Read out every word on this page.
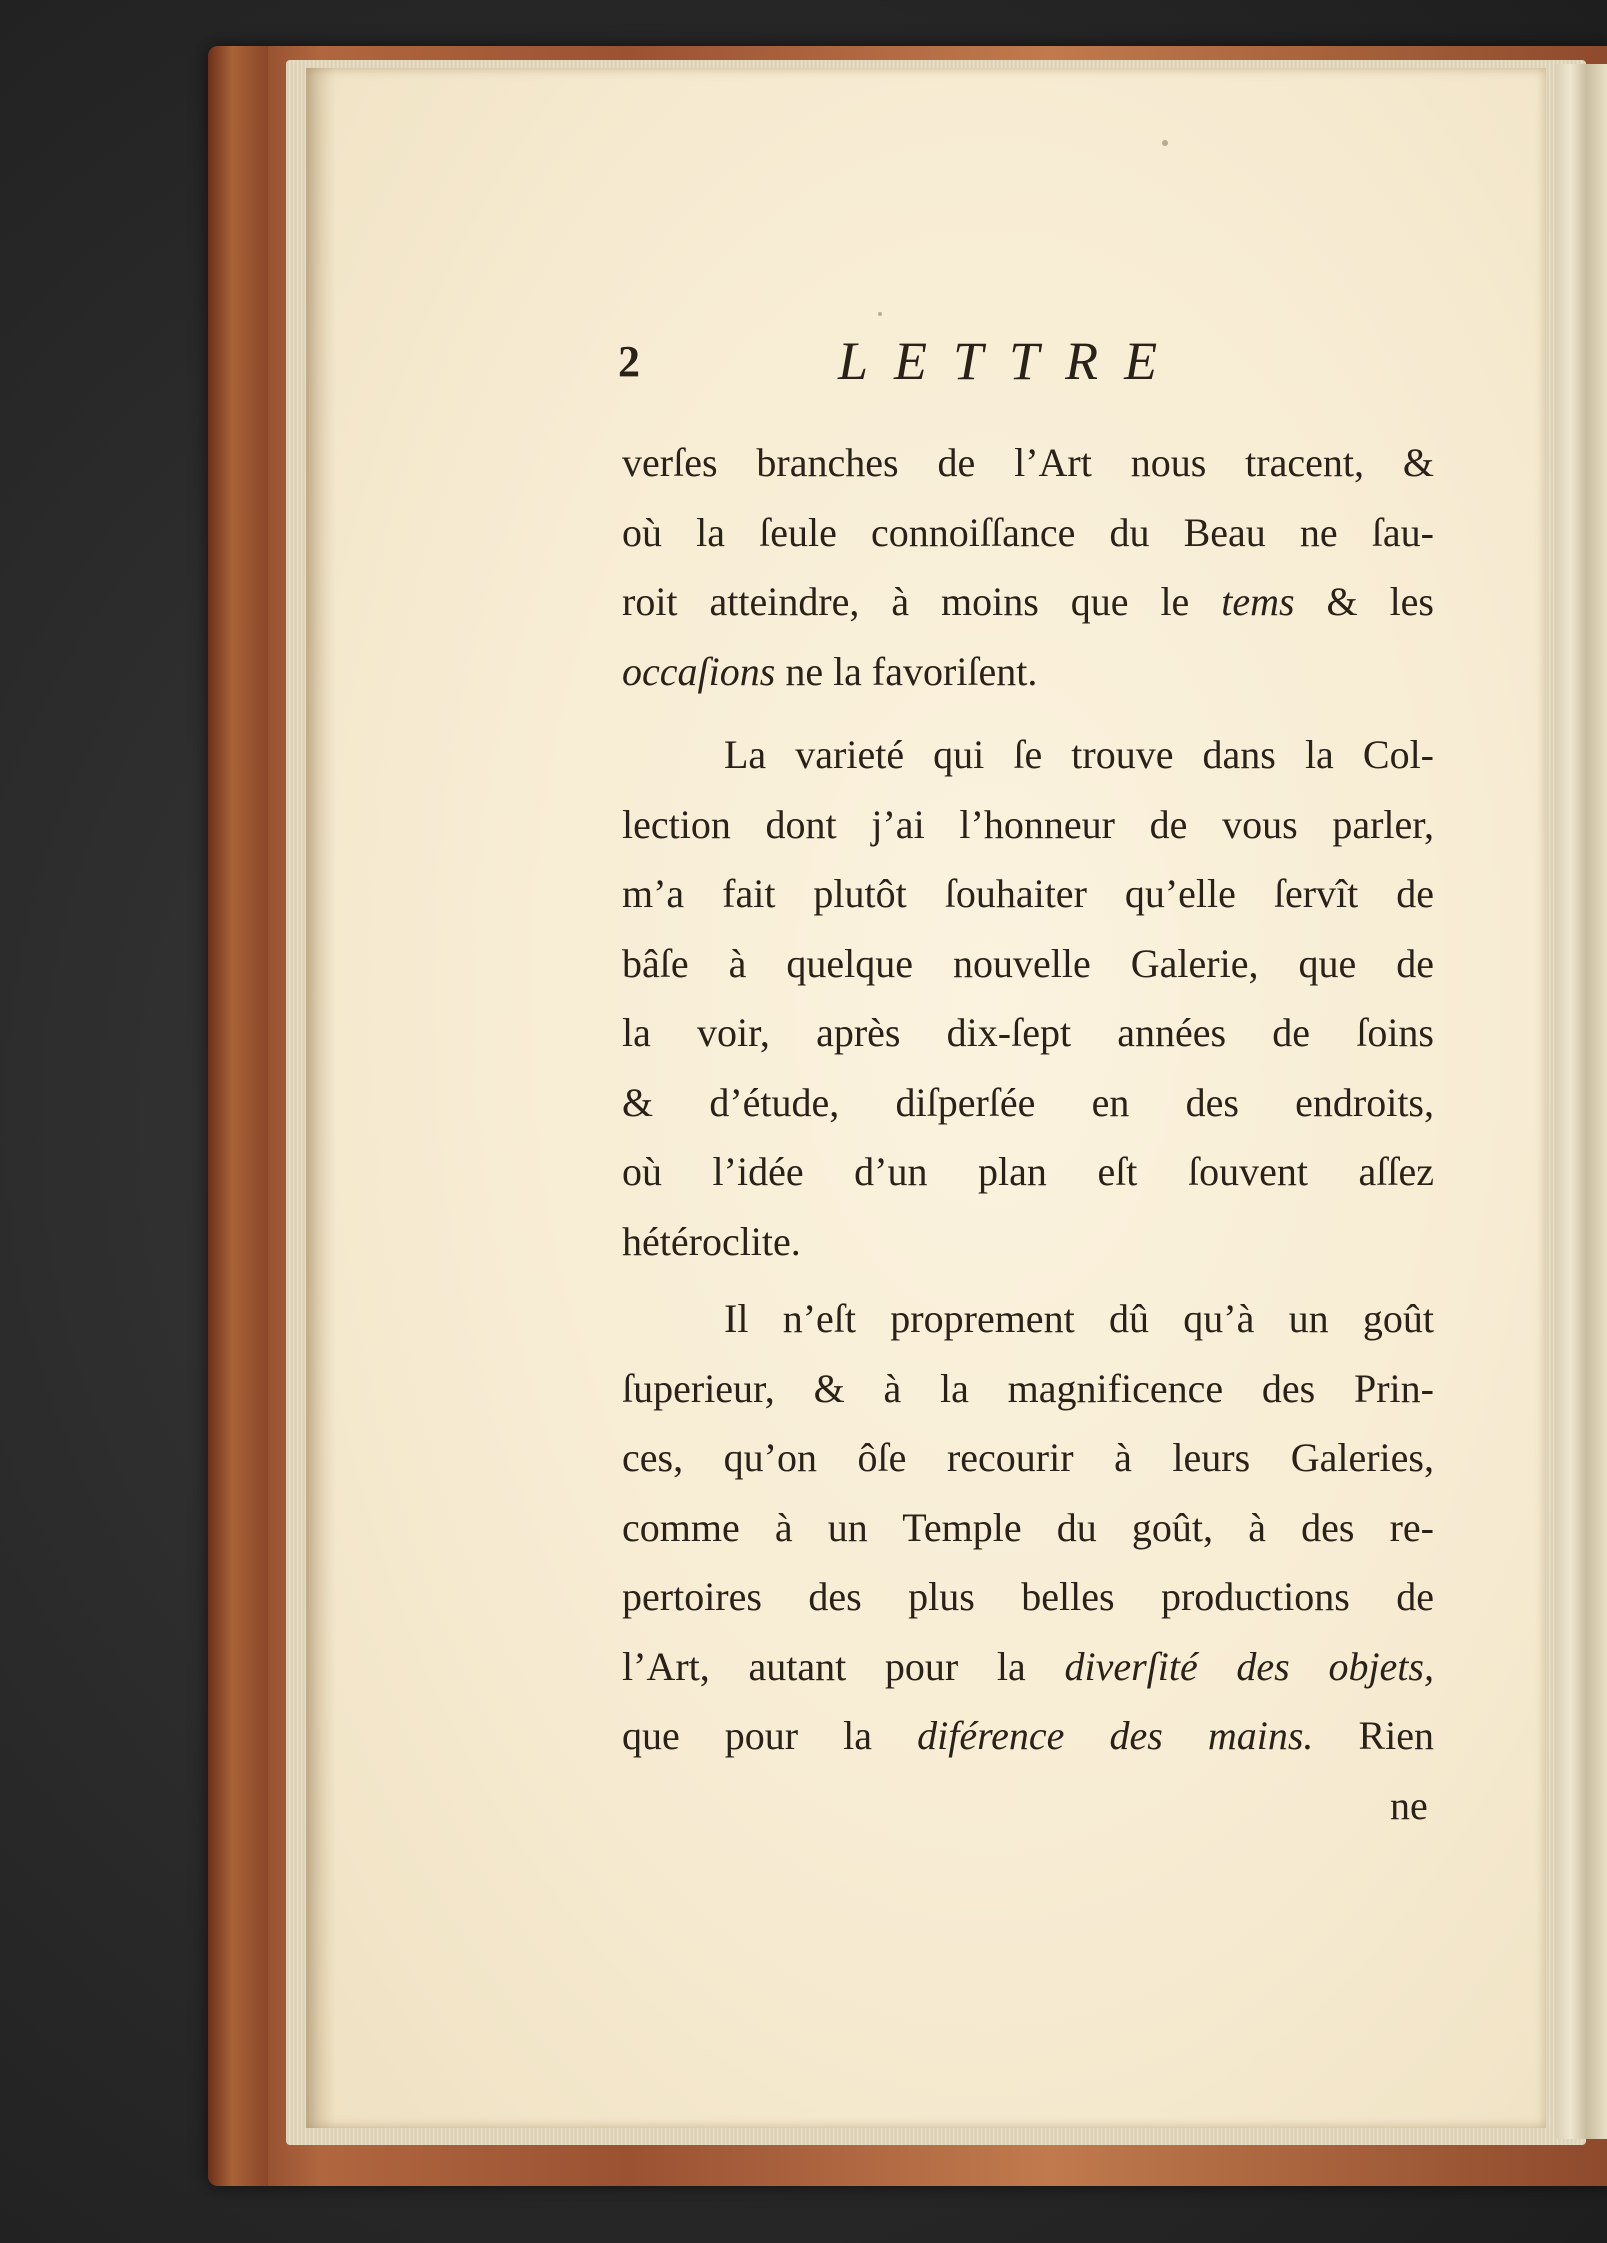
2	LETTRE
verſes branches de l’Art nous tracent, &
où la ſeule connoiſſance du Beau ne ſau-
roit atteindre, à moins que le tems & les
occaſions ne la favoriſent.
La varieté qui ſe trouve dans la Col-
lection dont j’ai l’honneur de vous parler,
m’a fait plutôt ſouhaiter qu’elle ſervît de
bâſe à quelque nouvelle Galerie, que de
la voir, après dix-ſept années de ſoins
& d’étude, diſperſée en des endroits,
où l’idée d’un plan eſt ſouvent aſſez
hétéroclite.
Il n’eſt proprement dû qu’à un goût
ſuperieur, & à la magnificence des Prin-
ces, qu’on ôſe recourir à leurs Galeries,
comme à un Temple du goût, à des re-
pertoires des plus belles productions de
l’Art, autant pour la diverſité des objets,
que pour la diférence des mains. Rien
ne
